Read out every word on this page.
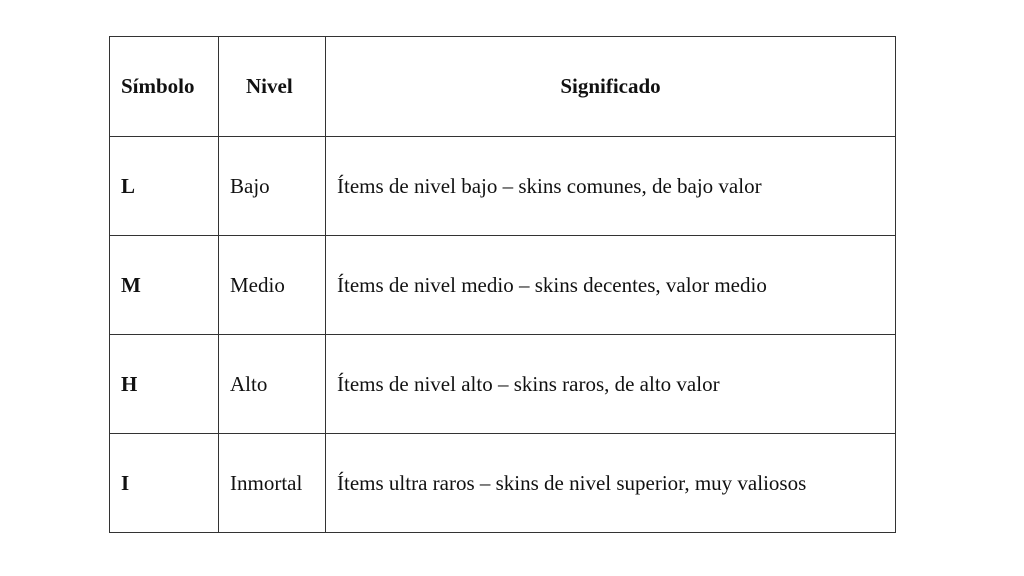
Símbolo	Nivel	Significado
L	Bajo	Ítems de nivel bajo – skins comunes, de bajo valor
M	Medio	Ítems de nivel medio – skins decentes, valor medio
H	Alto	Ítems de nivel alto – skins raros, de alto valor
I	Inmortal	Ítems ultra raros – skins de nivel superior, muy valiosos
